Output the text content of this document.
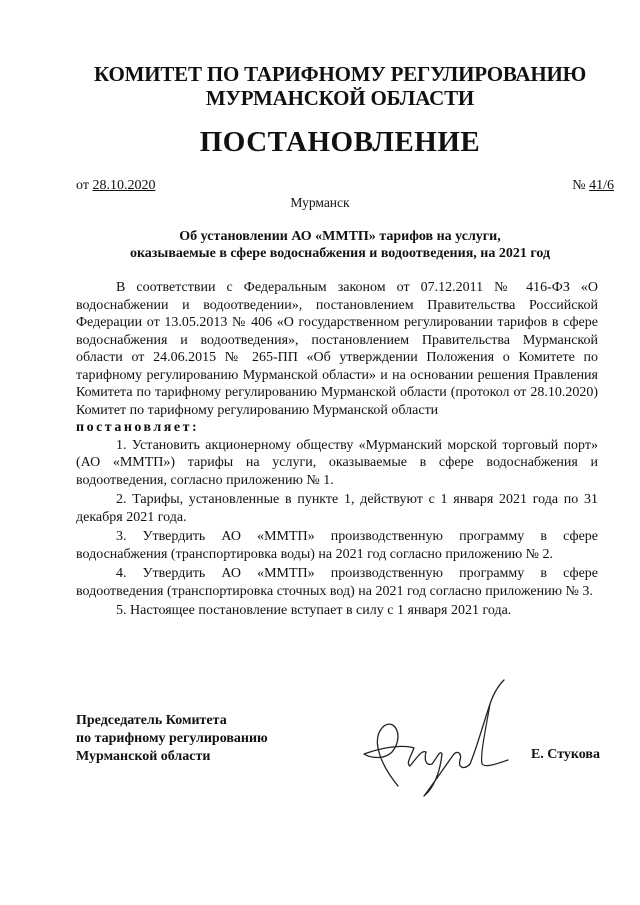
КОМИТЕТ ПО ТАРИФНОМУ РЕГУЛИРОВАНИЮ
МУРМАНСКОЙ ОБЛАСТИ
ПОСТАНОВЛЕНИЕ
от 28.10.2020	№ 41/6
Мурманск
Об установлении АО «ММТП» тарифов на услуги,
оказываемые в сфере водоснабжения и водоотведения, на 2021 год

В соответствии с Федеральным законом от 07.12.2011 № 416-ФЗ «О водоснабжении и водоотведении», постановлением Правительства Российской Федерации от 13.05.2013 № 406 «О государственном регулировании тарифов в сфере водоснабжения и водоотведения», постановлением Правительства Мурманской области от 24.06.2015 № 265-ПП «Об утверждении Положения о Комитете по тарифному регулированию Мурманской области» и на основании решения Правления Комитета по тарифному регулированию Мурманской области (протокол от 28.10.2020) Комитет по тарифному регулированию Мурманской области

постановляет:

1. Установить акционерному обществу «Мурманский морской торговый порт» (АО «ММТП») тарифы на услуги, оказываемые в сфере водоснабжения и водоотведения, согласно приложению № 1.

2. Тарифы, установленные в пункте 1, действуют с 1 января 2021 года по 31 декабря 2021 года.

3. Утвердить АО «ММТП» производственную программу в сфере водоснабжения (транспортировка воды) на 2021 год согласно приложению № 2.

4. Утвердить АО «ММТП» производственную программу в сфере водоотведения (транспортировка сточных вод) на 2021 год согласно приложению № 3.

5. Настоящее постановление вступает в силу с 1 января 2021 года.

Председатель Комитета
по тарифному регулированию
Мурманской области	Е. Стукова
